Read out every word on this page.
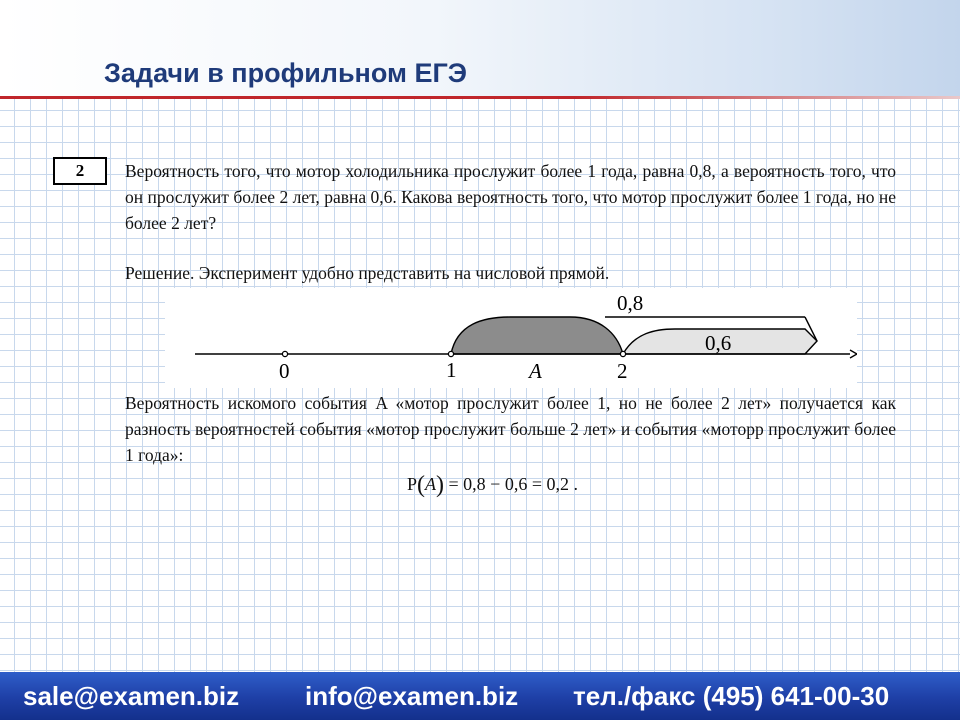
Задачи в профильном ЕГЭ
2	Вероятность того, что мотор холодильника прослужит более 1 года, равна 0,8, а вероятность того, что он прослужит более 2 лет, равна 0,6. Какова вероятность того, что мотор прослужит более 1 года, но не более 2 лет?

Решение. Эксперимент удобно представить на числовой прямой.

0	1	A	2
0,8
0,6

Вероятность искомого события A «мотор прослужит более 1, но не более 2 лет» получается как разность вероятностей события «мотор прослужит больше 2 лет» и события «моторр прослужит более 1 года»:

P(A) = 0,8 − 0,6 = 0,2 .
sale@examen.biz	info@examen.biz тел./факс (495) 641-00-30
